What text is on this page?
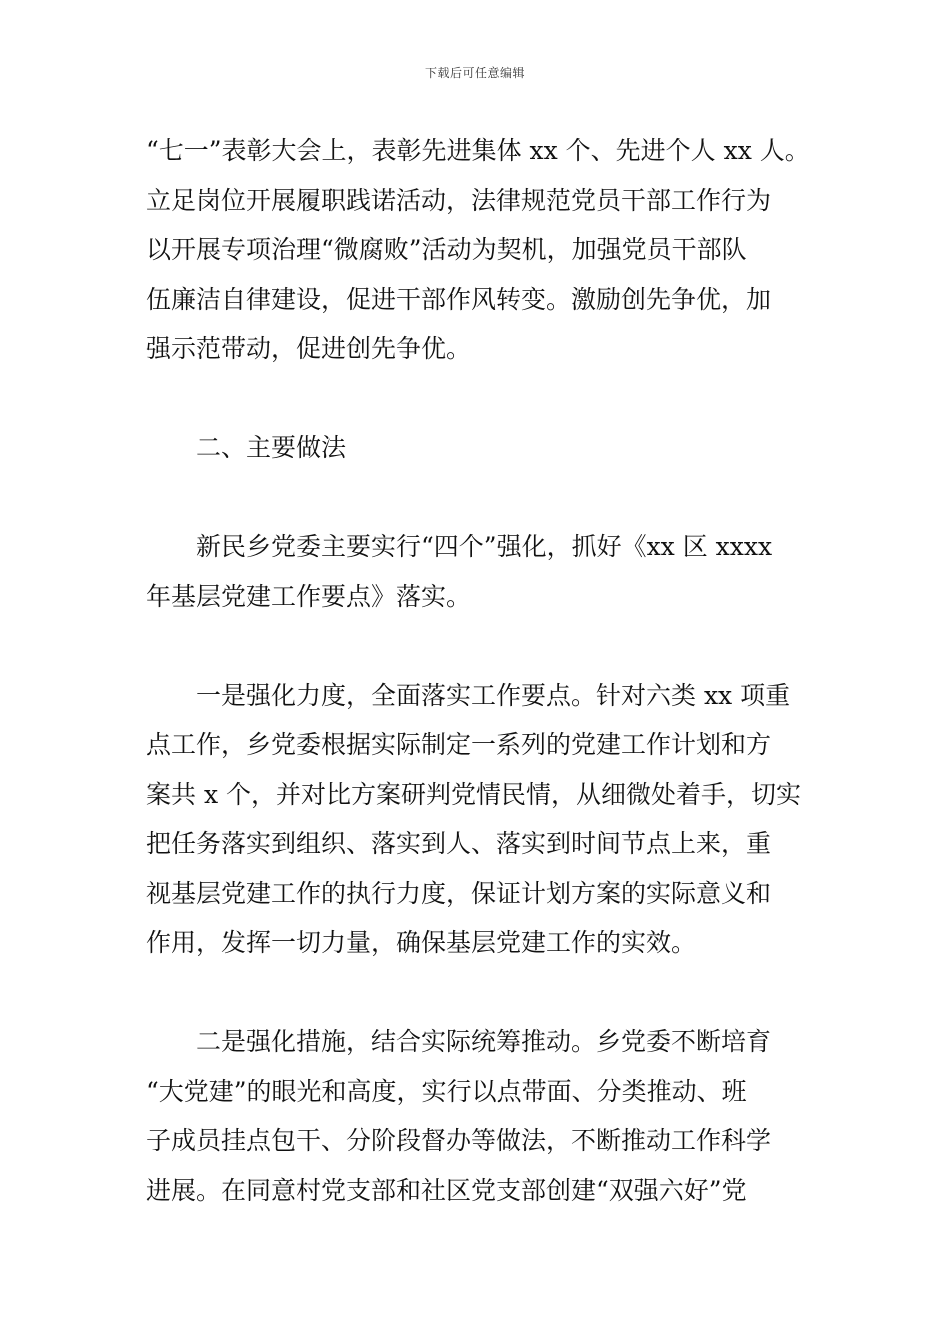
下载后可任意编辑
“七一”表彰大会上，表彰先进集体 xx 个、先进个人 xx 人。
立足岗位开展履职践诺活动，法律规范党员干部工作行为
以开展专项治理“微腐败”活动为契机，加强党员干部队
伍廉洁自律建设，促进干部作风转变。激励创先争优，加
强示范带动，促进创先争优。
二、主要做法
新民乡党委主要实行“四个”强化，抓好《xx 区 xxxx
年基层党建工作要点》落实。
一是强化力度，全面落实工作要点。针对六类 xx 项重
点工作，乡党委根据实际制定一系列的党建工作计划和方
案共 x 个，并对比方案研判党情民情，从细微处着手，切实
把任务落实到组织、落实到人、落实到时间节点上来，重
视基层党建工作的执行力度，保证计划方案的实际意义和
作用，发挥一切力量，确保基层党建工作的实效。
二是强化措施，结合实际统筹推动。乡党委不断培育
“大党建”的眼光和高度，实行以点带面、分类推动、班
子成员挂点包干、分阶段督办等做法，不断推动工作科学
进展。在同意村党支部和社区党支部创建“双强六好”党
